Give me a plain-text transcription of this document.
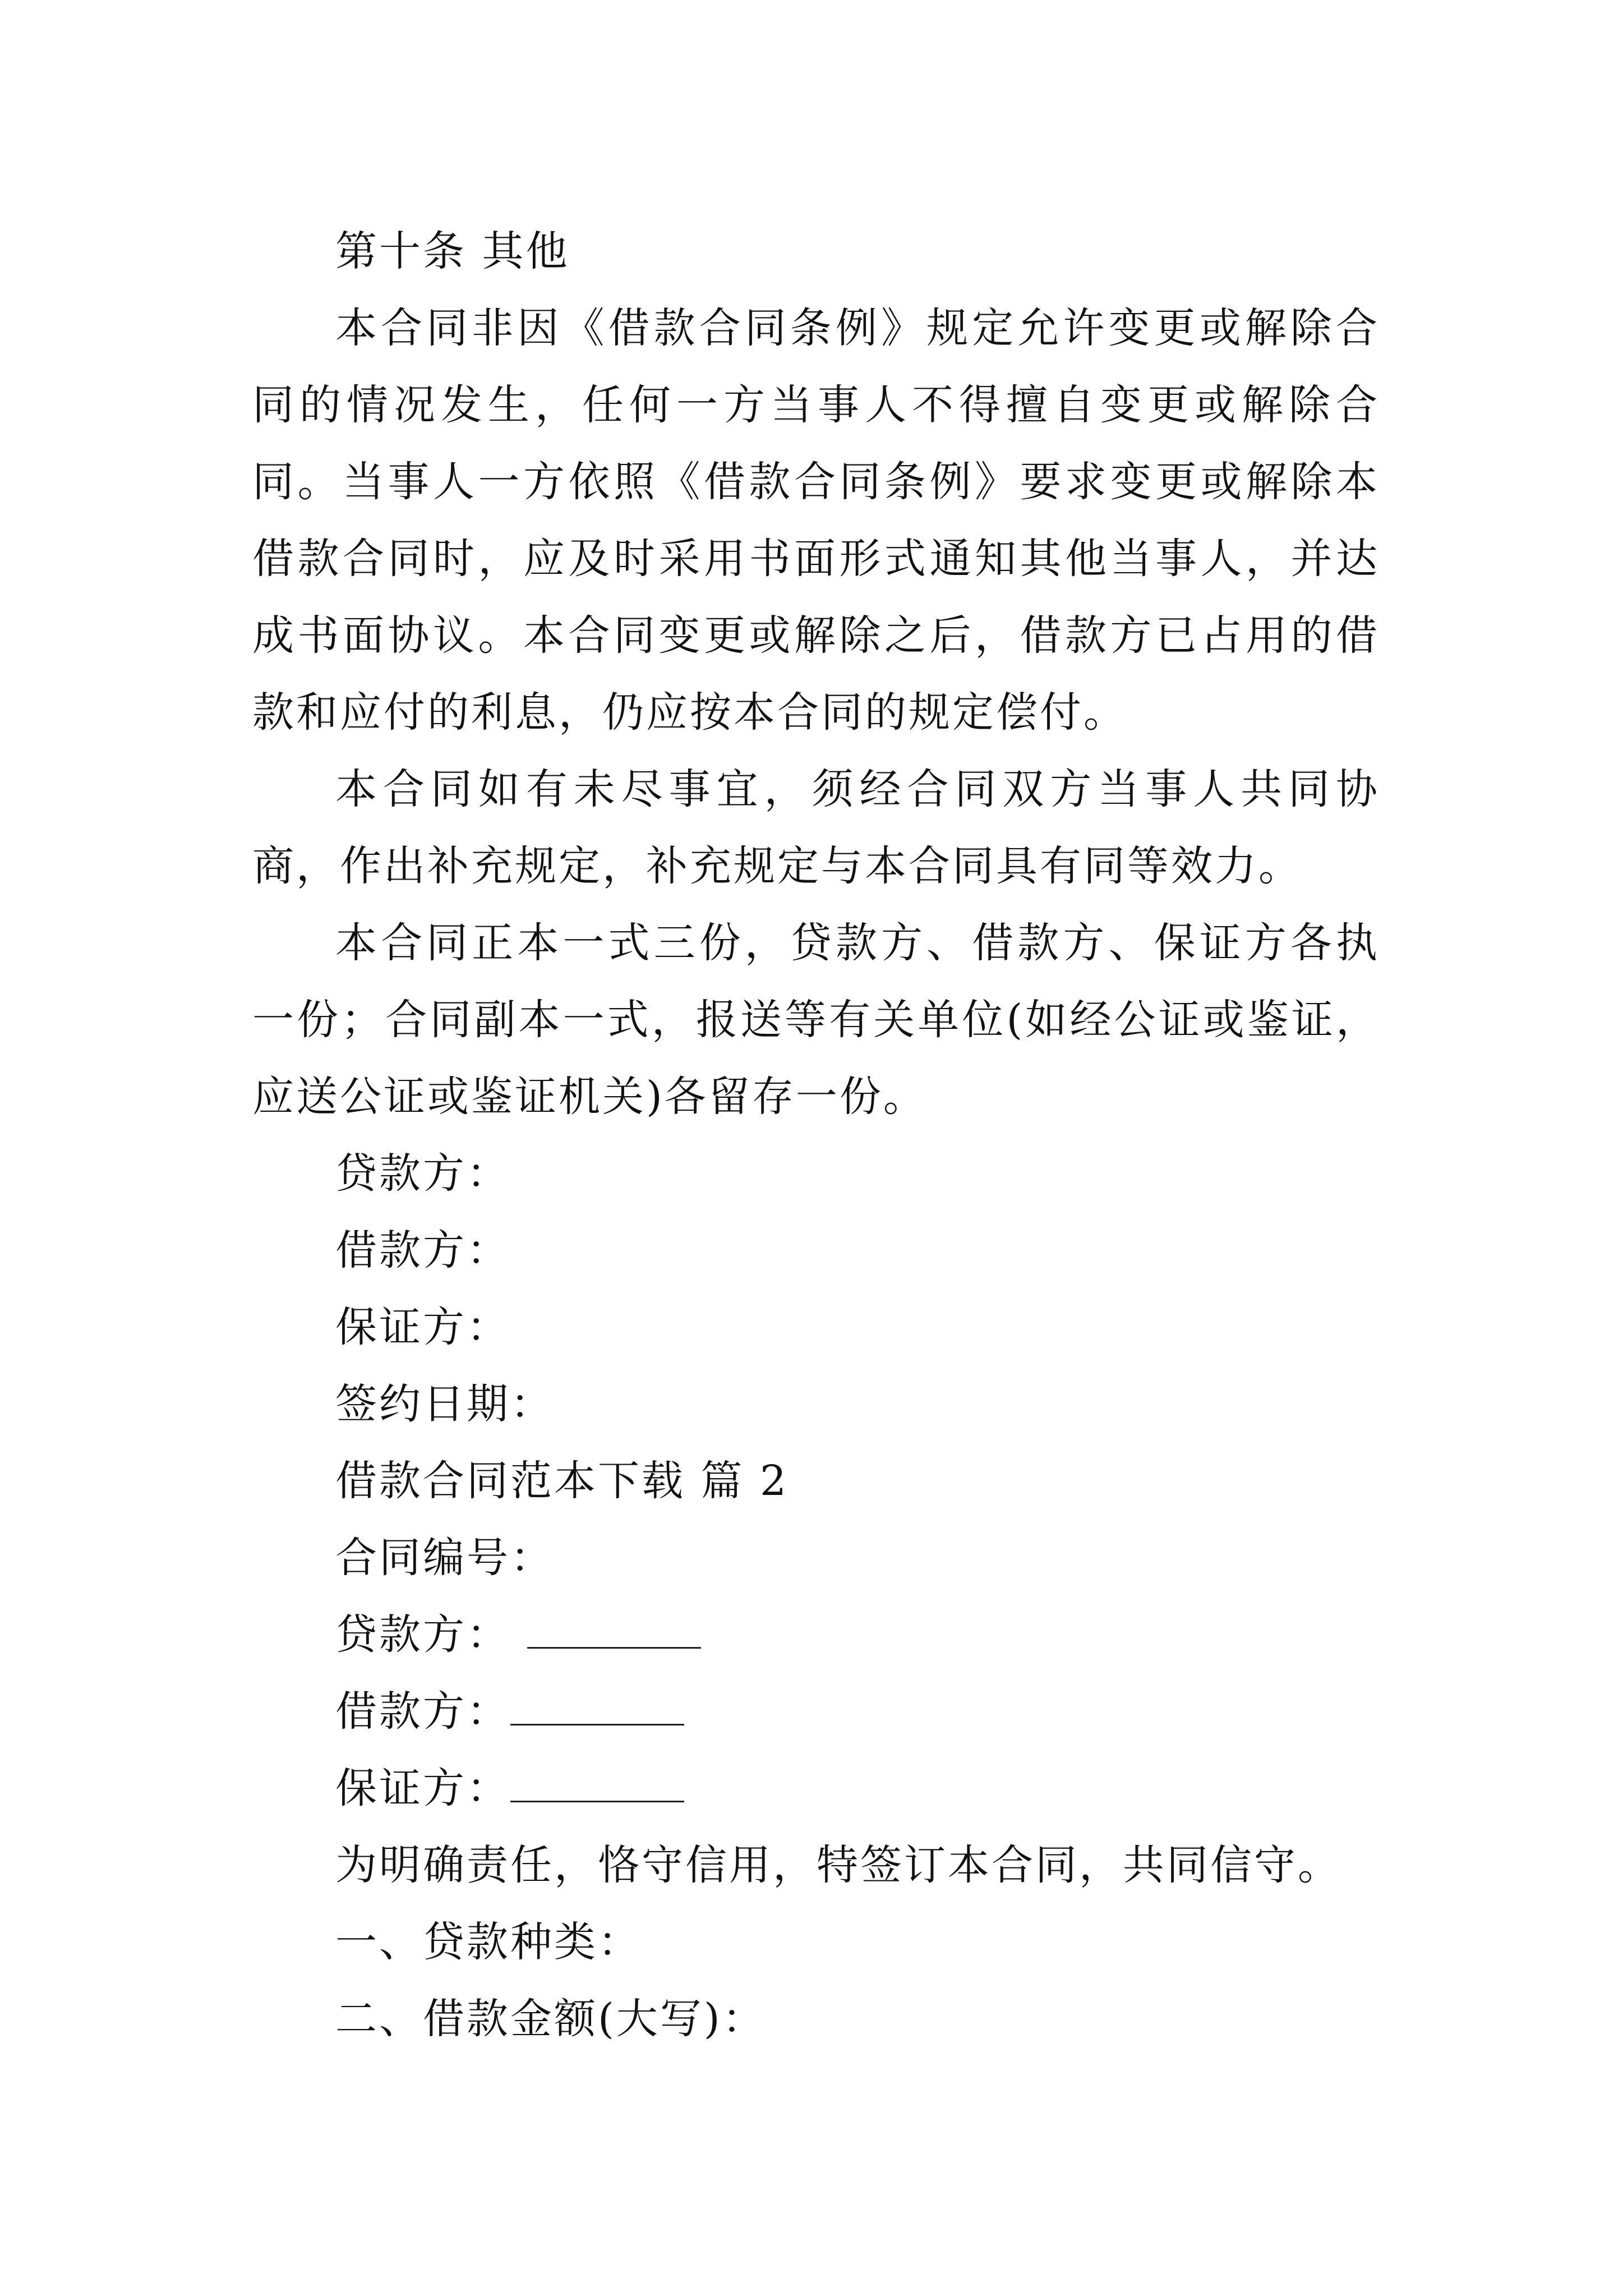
第十条 其他

本合同非因《借款合同条例》规定允许变更或解除合同的情况发生，任何一方当事人不得擅自变更或解除合同。当事人一方依照《借款合同条例》要求变更或解除本借款合同时，应及时采用书面形式通知其他当事人，并达成书面协议。本合同变更或解除之后，借款方已占用的借款和应付的利息，仍应按本合同的规定偿付。

本合同如有未尽事宜，须经合同双方当事人共同协商，作出补充规定，补充规定与本合同具有同等效力。

本合同正本一式三份，贷款方、借款方、保证方各执一份；合同副本一式，报送等有关单位(如经公证或鉴证，应送公证或鉴证机关)各留存一份。

贷款方：

借款方：

保证方：

签约日期：

借款合同范本下载 篇 2

合同编号：

贷款方：

借款方：

保证方：

为明确责任，恪守信用，特签订本合同，共同信守。

一、贷款种类：

二、借款金额(大写)：
